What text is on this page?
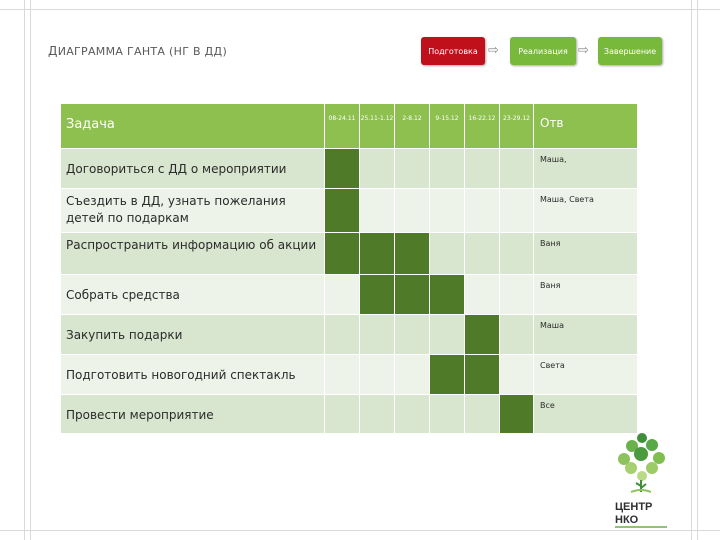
ДИАГРАММА ГАНТА (НГ В ДД)	Подготовка ⇨	Реализация ⇨	Завершение
Задача	08-24.11	25.11-1.12	2-8.12	9-15.12	16-22.12	23-29.12	Отв
Договориться с ДД о мероприятии							Маша,
Съездить в ДД, узнать пожелания детей по подаркам							Маша, Света
Распространить информацию об акции							Ваня
Собрать средства							Ваня
Закупить подарки							Маша
Подготовить новогодний спектакль							Света
Провести мероприятие							Все
ЦЕНТР
НКО
